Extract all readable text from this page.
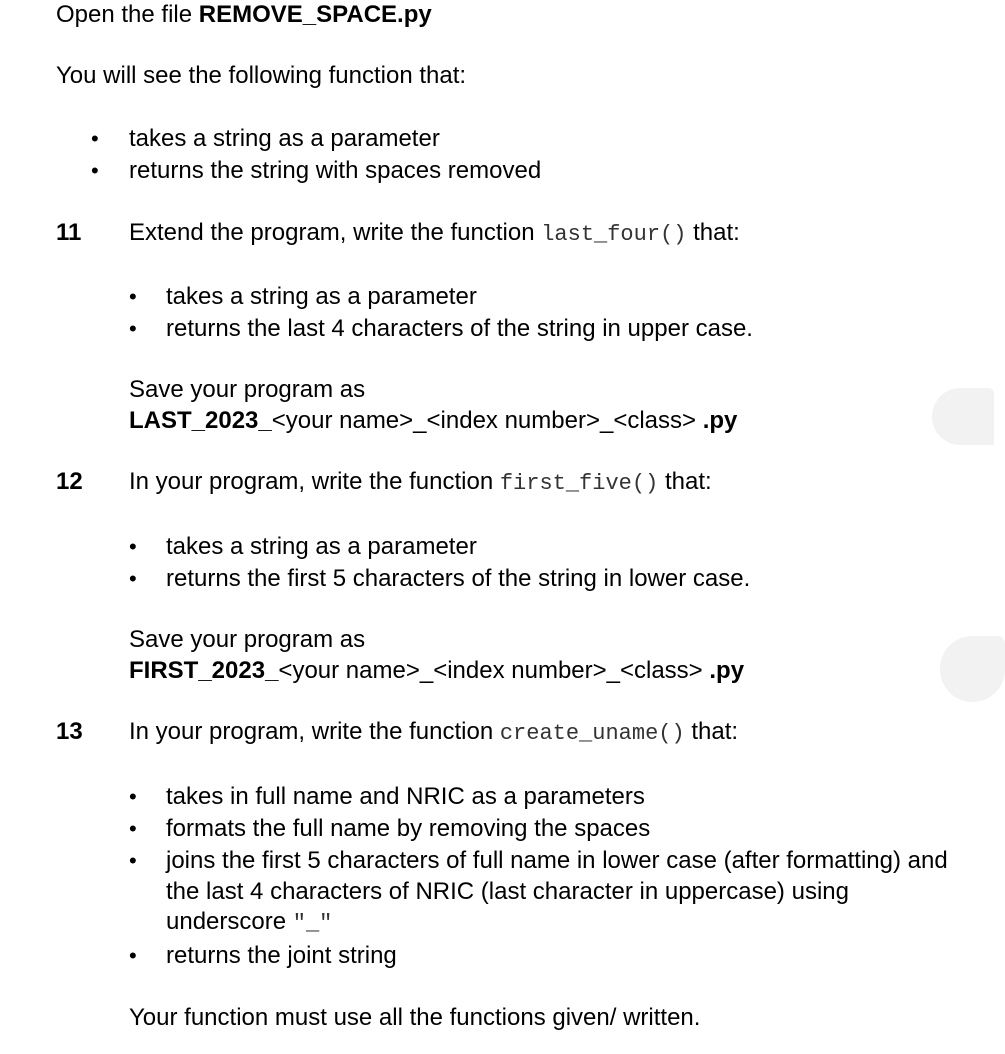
Open the file REMOVE_SPACE.py
You will see the following function that:
• takes a string as a parameter
• returns the string with spaces removed
11 Extend the program, write the function last_four() that:
• takes a string as a parameter
• returns the last 4 characters of the string in upper case.
Save your program as
LAST_2023_<your name>_<index number>_<class> .py
12 In your program, write the function first_five() that:
• takes a string as a parameter
• returns the first 5 characters of the string in lower case.
Save your program as
FIRST_2023_<your name>_<index number>_<class> .py
13 In your program, write the function create_uname() that:
• takes in full name and NRIC as a parameters
• formats the full name by removing the spaces
• joins the first 5 characters of full name in lower case (after formatting) and
the last 4 characters of NRIC (last character in uppercase) using
underscore "_"
• returns the joint string
Your function must use all the functions given/ written.
